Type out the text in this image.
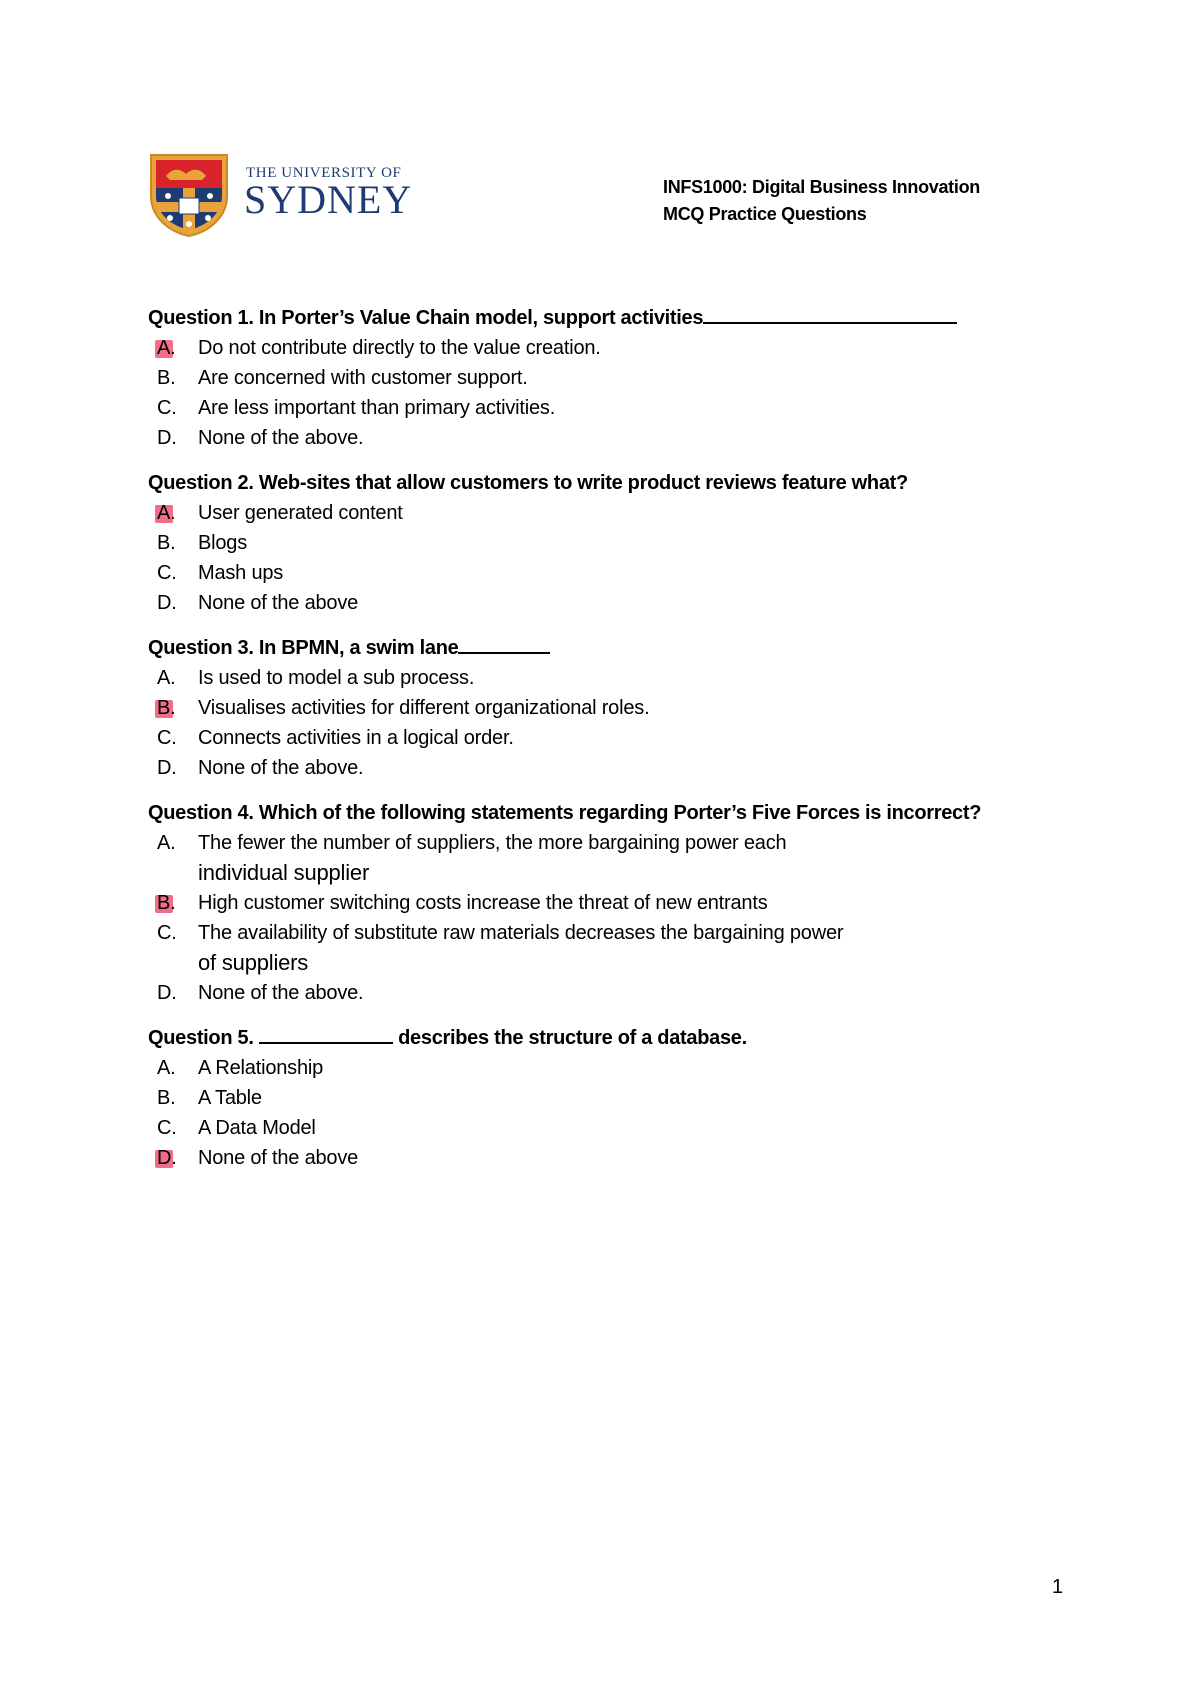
THE UNIVERSITY OF
SYDNEY	INFS1000: Digital Business Innovation
MCQ Practice Questions
Question 1. In Porter’s Value Chain model, support activities
A.	Do not contribute directly to the value creation.
B.	Are concerned with customer support.
C.	Are less important than primary activities.
D.	None of the above.
Question 2. Web-sites that allow customers to write product reviews feature what?
A.	User generated content
B.	Blogs
C.	Mash ups
D.	None of the above
Question 3. In BPMN, a swim lane
A.	Is used to model a sub process.
B.	Visualises activities for different organizational roles.
C.	Connects activities in a logical order.
D.	None of the above.
Question 4. Which of the following statements regarding Porter’s Five Forces is incorrect?
A.	The fewer the number of suppliers, the more bargaining power each
individual supplier
B.	High customer switching costs increase the threat of new entrants
C.	The availability of substitute raw materials decreases the bargaining power
of suppliers
D.	None of the above.
Question 5.	describes the structure of a database.
A.	A Relationship
B.	A Table
C.	A Data Model
D.	None of the above
1
